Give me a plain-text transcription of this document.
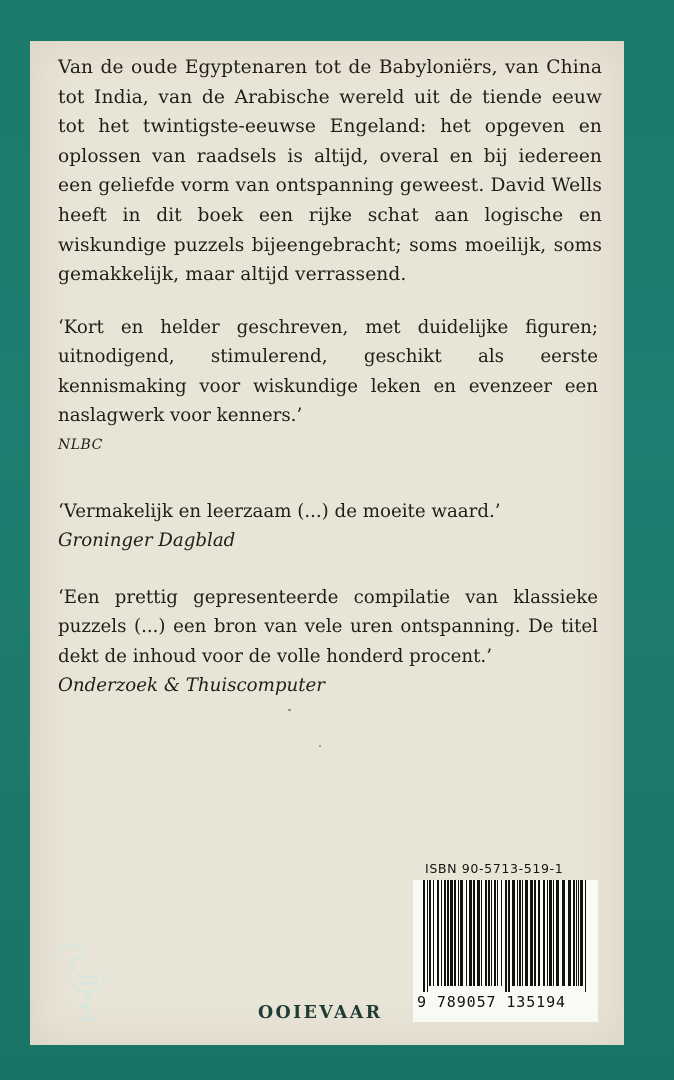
Van de oude Egyptenaren tot de Babyloniërs, van China tot India, van de Arabische wereld uit de tiende eeuw tot het twintigste-eeuwse Engeland: het opgeven en oplossen van raadsels is altijd, overal en bij iedereen een geliefde vorm van ontspanning geweest. David Wells heeft in dit boek een rijke schat aan logische en wiskundige puzzels bijeengebracht; soms moeilijk, soms gemakkelijk, maar altijd verrassend.

‘Kort en helder geschreven, met duidelijke figuren; uitnodigend, stimulerend, geschikt als eerste kennismaking voor wiskundige leken en evenzeer een naslagwerk voor kenners.’
NLBC

‘Vermakelijk en leerzaam (...) de moeite waard.’
Groninger Dagblad

‘Een prettig gepresenteerde compilatie van klassieke puzzels (...) een bron van vele uren ontspanning. De titel dekt de inhoud voor de volle honderd procent.’
Onderzoek & Thuiscomputer

ISBN 90-5713-519-1
9 789057 135194
OOIEVAAR
